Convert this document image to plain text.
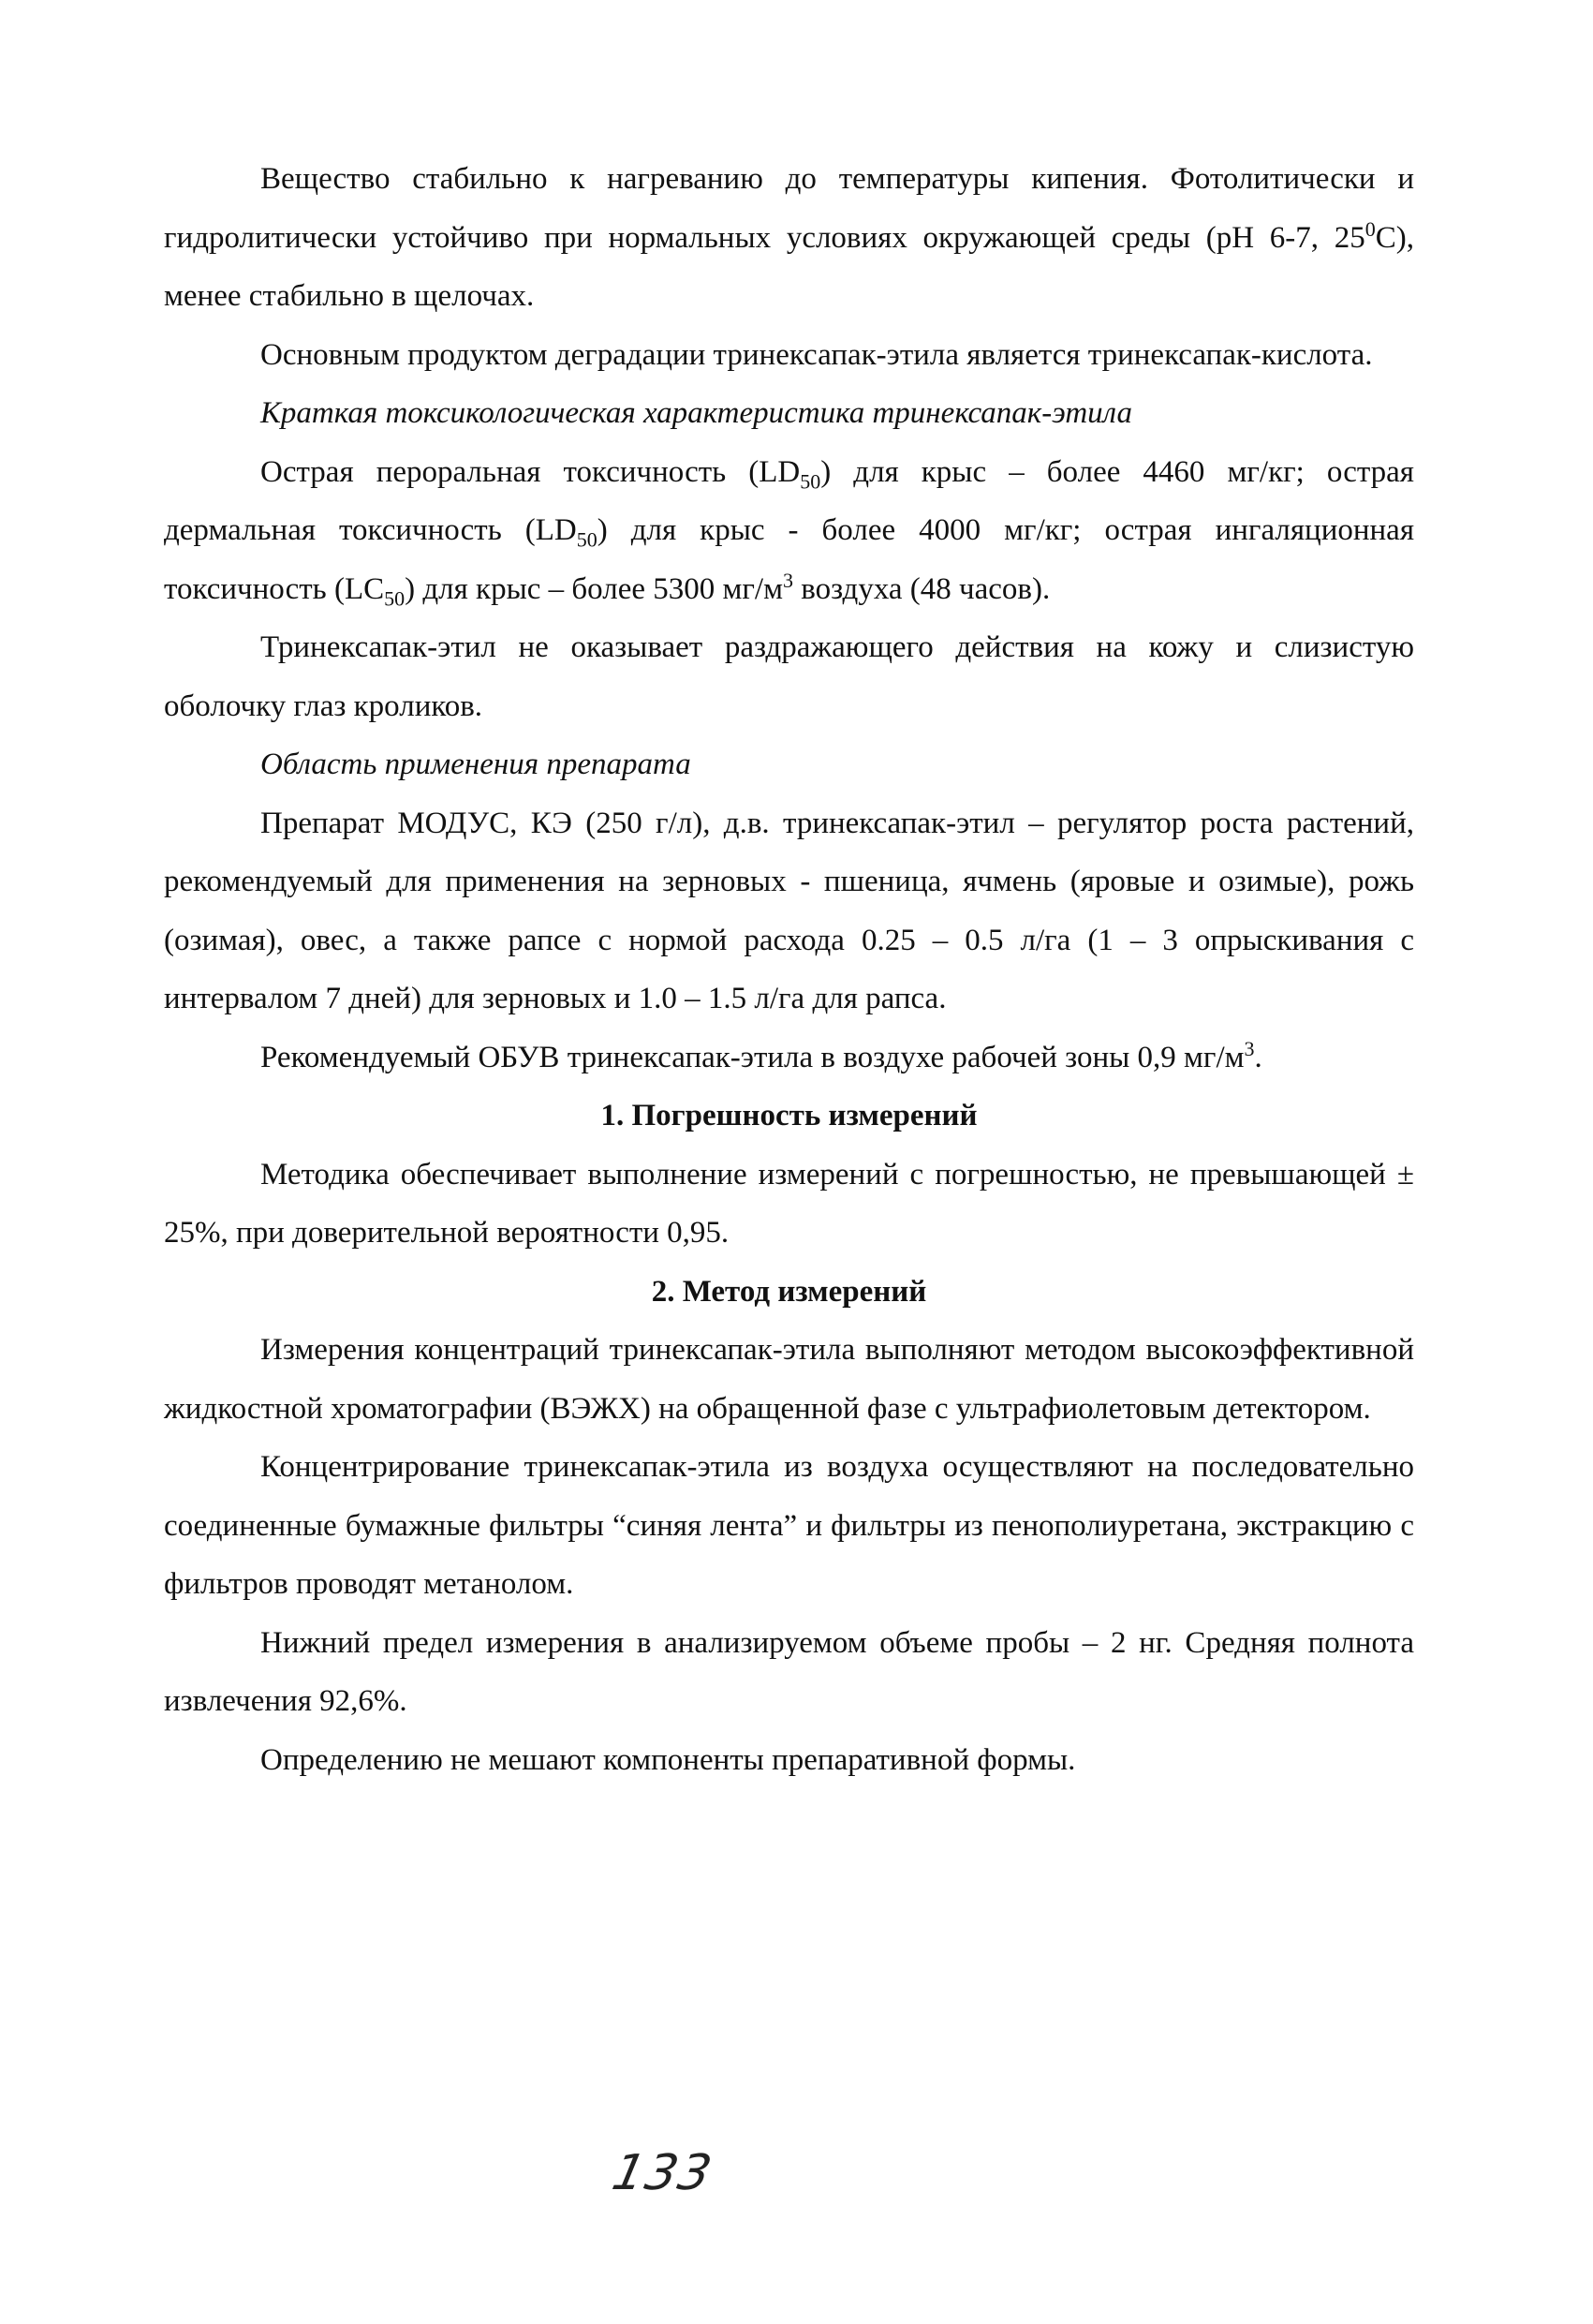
Вещество стабильно к нагреванию до температуры кипения. Фотолитически и гидролитически устойчиво при нормальных условиях окружающей среды (рН 6-7, $25^0С$), менее стабильно в щелочах.

Основным продуктом деградации тринексапак-этила является тринексапак-кислота.

Краткая токсикологическая характеристика тринексапак-этила

Острая пероральная токсичность $(LD_{50})$ для крыс – более 4460 мг/кг; острая дермальная токсичность $(LD_{50})$ для крыс - более 4000 мг/кг; острая ингаляционная токсичность $(LC_{50})$ для крыс – более 5300 $мг/м^3$ воздуха (48 часов).

Тринексапак-этил не оказывает раздражающего действия на кожу и слизистую оболочку глаз кроликов.

Область применения препарата

Препарат МОДУС, КЭ (250 г/л), д.в. тринексапак-этил – регулятор роста растений, рекомендуемый для применения на зерновых - пшеница, ячмень (яровые и озимые), рожь (озимая), овес, а также рапсе с нормой расхода 0.25 – 0.5 л/га (1 – 3 опрыскивания с интервалом 7 дней) для зерновых и 1.0 – 1.5 л/га для рапса.

Рекомендуемый ОБУВ тринексапак-этила в воздухе рабочей зоны 0,9 $мг/м^3$.

1. Погрешность измерений

Методика обеспечивает выполнение измерений с погрешностью, не превышающей ± 25%, при доверительной вероятности 0,95.

2. Метод измерений

Измерения концентраций тринексапак-этила выполняют методом высокоэффективной жидкостной хроматографии (ВЭЖХ) на обращенной фазе с ультрафиолетовым детектором.

Концентрирование тринексапак-этила из воздуха осуществляют на последовательно соединенные бумажные фильтры “синяя лента” и фильтры из пенополиуретана, экстракцию с фильтров проводят метанолом.

Нижний предел измерения в анализируемом объеме пробы – 2 нг. Средняя полнота извлечения 92,6%.

Определению не мешают компоненты препаративной формы.

133
